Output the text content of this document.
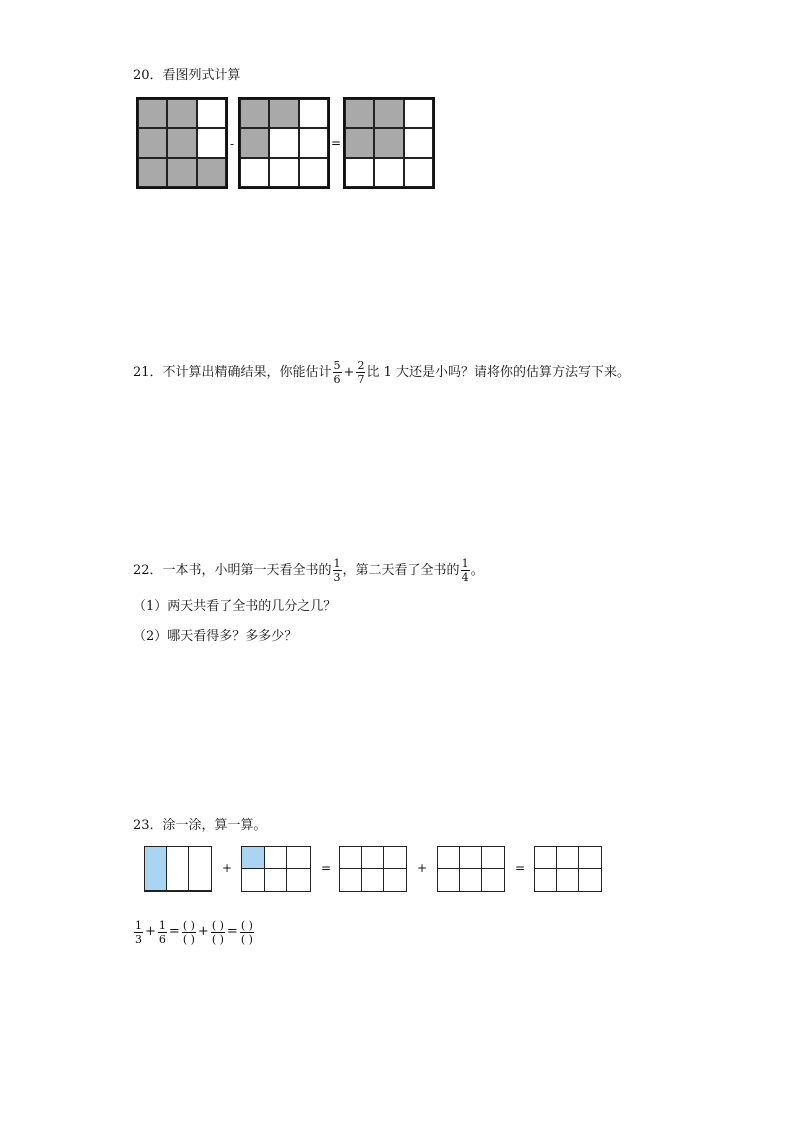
20．看图列式计算
-	=
21．不计算出精确结果，你能估计 $\frac{5}{6} + \frac{2}{7}$ 比 1 大还是小吗？请将你的估算方法写下来。
22．一本书，小明第一天看全书的 $\frac{1}{3}$ ，第二天看了全书的 $\frac{1}{4}$ 。
（1）两天共看了全书的几分之几？
（2）哪天看得多？多多少？
23．涂一涂，算一算。
+	=	+	=
$\frac{1}{3} + \frac{1}{6} = \frac{( )}{( )} + \frac{( )}{( )} = \frac{( )}{( )}$
